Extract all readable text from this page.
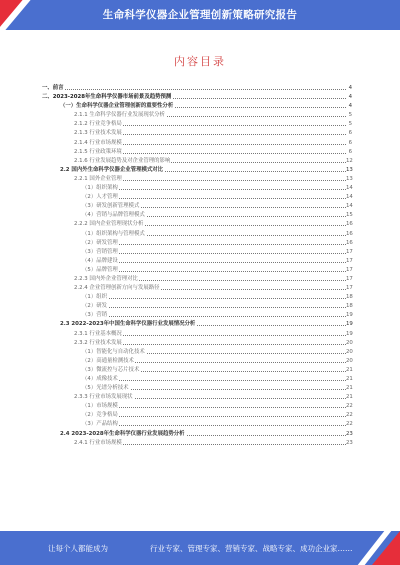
生命科学仪器企业管理创新策略研究报告
内容目录
一、前言	4
二、2023-2028年生命科学仪器市场前景及趋势预测	4
（一）生命科学仪器企业管理创新的重要性分析	4
2.1.1 生命科学仪器行业发展现状分析	5
2.1.2 行业竞争格局	5
2.1.3 行业技术发展	6
2.1.4 行业市场规模	6
2.1.5 行业政策环境	6
2.1.6 行业发展趋势及对企业管理的影响	12
2.2 国内外生命科学仪器企业管理模式对比	13
2.2.1 国外企业管理	13
（1）组织架构	14
（2）人才管理	14
（3）研发创新管理模式	14
（4）营销与品牌管理模式	15
2.2.2 国内企业管理现状分析	16
（1）组织架构与管理模式	16
（2）研发管理	16
（3）营销管理	17
（4）品牌建设	17
（5）品牌管理	17
2.2.3 国内外企业管理对比	17
2.2.4 企业管理创新方向与发展路径	17
（1）组织	18
（2）研发	18
（3）营销	19
2.3 2022-2023年中国生命科学仪器行业发展情况分析	19
2.3.1 行业基本概况	19
2.3.2 行业技术发展	20
（1）智能化与自动化技术	20
（2）高通量检测技术	20
（3）微流控与芯片技术	21
（4）成像技术	21
（5）光谱分析技术	21
2.3.3 行业市场发展现状	21
（1）市场规模	22
（2）竞争格局	22
（3）产品结构	22
2.4 2023-2028年生命科学仪器行业发展趋势分析	23
2.4.1 行业市场规模	23
让每个人都能成为	行业专家、管理专家、营销专家、战略专家、成功企业家……
